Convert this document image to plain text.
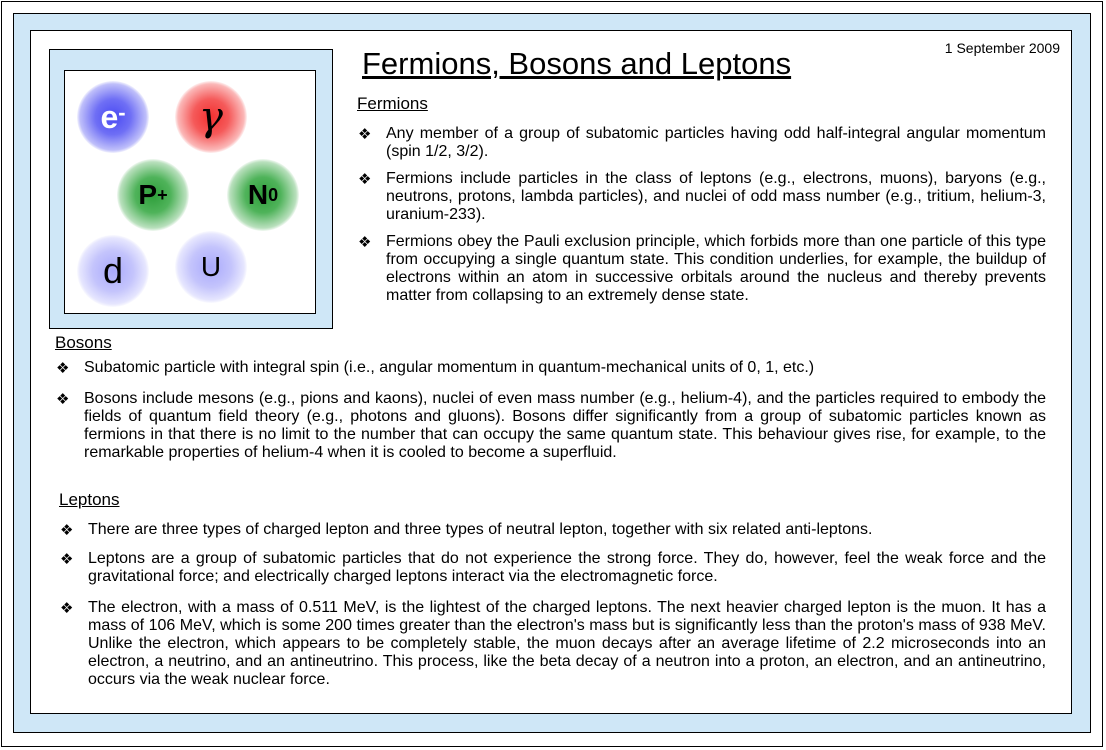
e- γ
P +	N 0
d	U
1 September 2009
Fermions, Bosons and Leptons
Fermions
❖ Any member of a group of subatomic particles having odd half-integral angular momentum (spin 1/2, 3/2).
❖ Fermions include particles in the class of leptons (e.g., electrons, muons), baryons (e.g., neutrons, protons, lambda particles), and nuclei of odd mass number (e.g., tritium, helium-3, uranium-233).
❖ Fermions obey the Pauli exclusion principle, which forbids more than one particle of this type from occupying a single quantum state. This condition underlies, for example, the buildup of electrons within an atom in successive orbitals around the nucleus and thereby prevents matter from collapsing to an extremely dense state.
Bosons
❖ Subatomic particle with integral spin (i.e., angular momentum in quantum-mechanical units of 0, 1, etc.)
❖ Bosons include mesons (e.g., pions and kaons), nuclei of even mass number (e.g., helium-4), and the particles required to embody the fields of quantum field theory (e.g., photons and gluons). Bosons differ significantly from a group of subatomic particles known as fermions in that there is no limit to the number that can occupy the same quantum state. This behaviour gives rise, for example, to the remarkable properties of helium-4 when it is cooled to become a superfluid.
Leptons
❖ There are three types of charged lepton and three types of neutral lepton, together with six related anti-leptons.
❖ Leptons are a group of subatomic particles that do not experience the strong force. They do, however, feel the weak force and the gravitational force; and electrically charged leptons interact via the electromagnetic force.
❖ The electron, with a mass of 0.511 MeV, is the lightest of the charged leptons. The next heavier charged lepton is the muon. It has a mass of 106 MeV, which is some 200 times greater than the electron's mass but is significantly less than the proton's mass of 938 MeV. Unlike the electron, which appears to be completely stable, the muon decays after an average lifetime of 2.2 microseconds into an electron, a neutrino, and an antineutrino. This process, like the beta decay of a neutron into a proton, an electron, and an antineutrino, occurs via the weak nuclear force.
